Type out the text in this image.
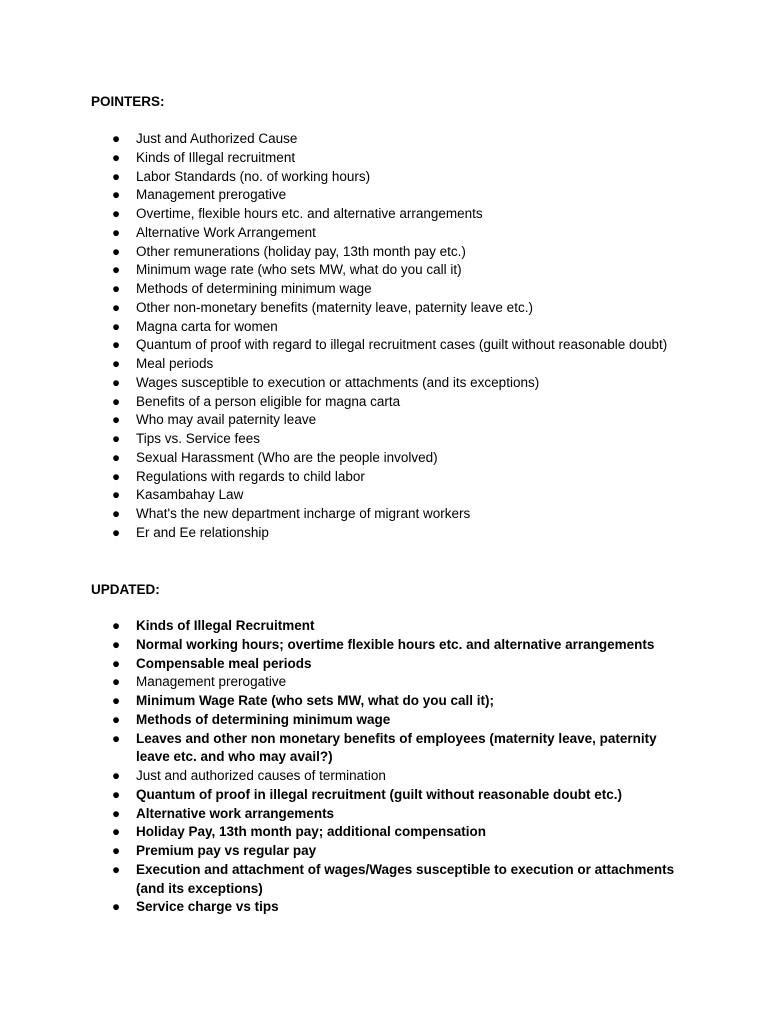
POINTERS:

● Just and Authorized Cause
● Kinds of Illegal recruitment
● Labor Standards (no. of working hours)
● Management prerogative
● Overtime, flexible hours etc. and alternative arrangements
● Alternative Work Arrangement
● Other remunerations (holiday pay, 13th month pay etc.)
● Minimum wage rate (who sets MW, what do you call it)
● Methods of determining minimum wage
● Other non-monetary benefits (maternity leave, paternity leave etc.)
● Magna carta for women
● Quantum of proof with regard to illegal recruitment cases (guilt without reasonable doubt)
● Meal periods
● Wages susceptible to execution or attachments (and its exceptions)
● Benefits of a person eligible for magna carta
● Who may avail paternity leave
● Tips vs. Service fees
● Sexual Harassment (Who are the people involved)
● Regulations with regards to child labor
● Kasambahay Law
● What's the new department incharge of migrant workers
● Er and Ee relationship

UPDATED:

● Kinds of Illegal Recruitment
● Normal working hours; overtime flexible hours etc. and alternative arrangements
● Compensable meal periods
● Management prerogative
● Minimum Wage Rate (who sets MW, what do you call it);
● Methods of determining minimum wage
● Leaves and other non monetary benefits of employees (maternity leave, paternity leave etc. and who may avail?)
● Just and authorized causes of termination
● Quantum of proof in illegal recruitment (guilt without reasonable doubt etc.)
● Alternative work arrangements
● Holiday Pay, 13th month pay; additional compensation
● Premium pay vs regular pay
● Execution and attachment of wages/Wages susceptible to execution or attachments (and its exceptions)
● Service charge vs tips
